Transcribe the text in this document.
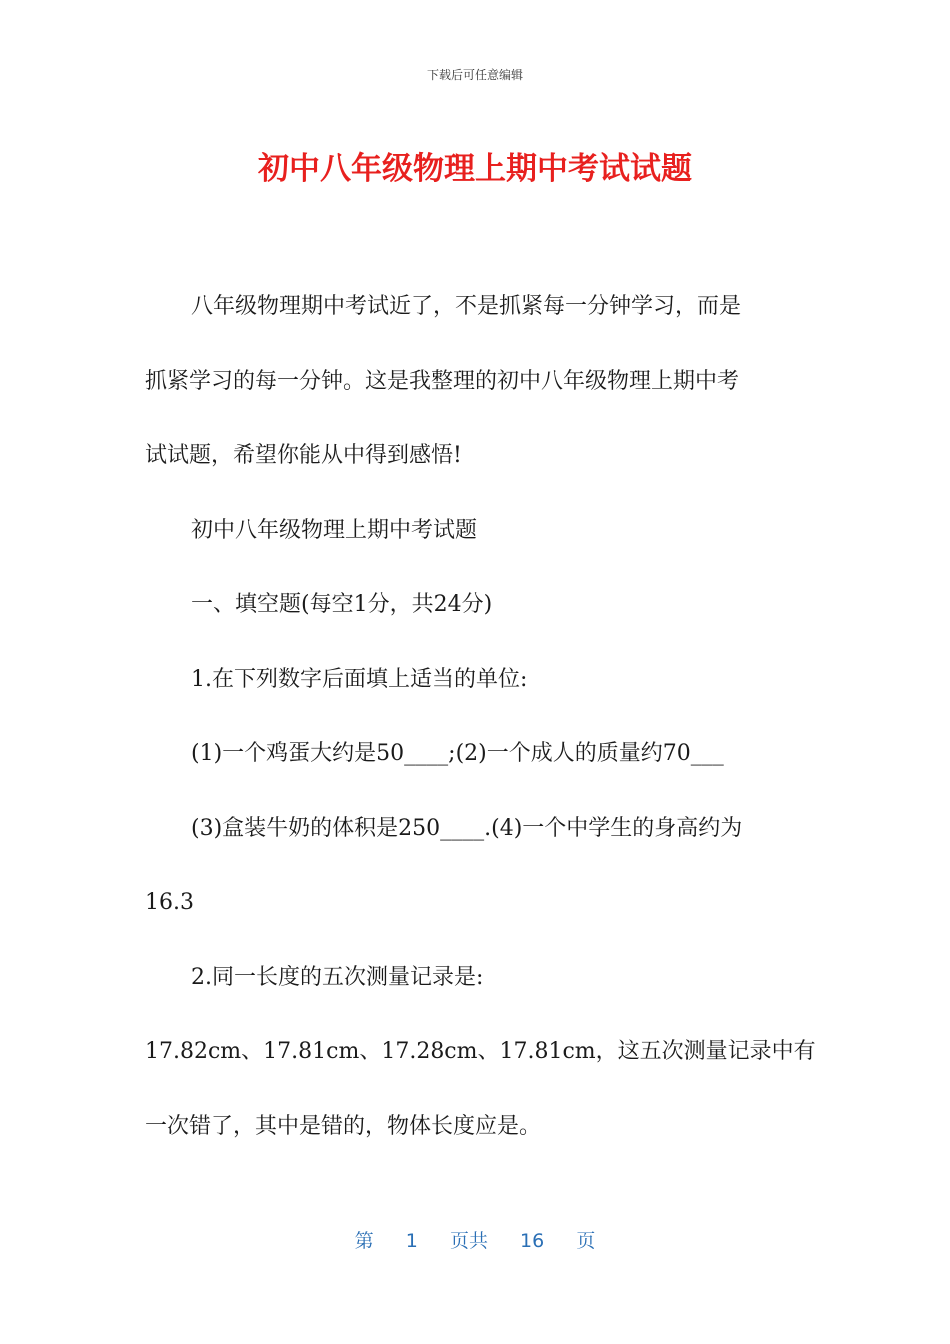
下载后可任意编辑
初中八年级物理上期中考试试题
八年级物理期中考试近了，不是抓紧每一分钟学习，而是
抓紧学习的每一分钟。这是我整理的初中八年级物理上期中考
试试题，希望你能从中得到感悟!
初中八年级物理上期中考试题
一、填空题(每空1分，共24分)
1.在下列数字后面填上适当的单位:
(1)一个鸡蛋大约是50____;(2)一个成人的质量约70___
(3)盒装牛奶的体积是250____.(4)一个中学生的身高约为
16.3
2.同一长度的五次测量记录是:
17.82cm、17.81cm、17.28cm、17.81cm，这五次测量记录中有
一次错了，其中是错的，物体长度应是。
第 1 页共 16 页
